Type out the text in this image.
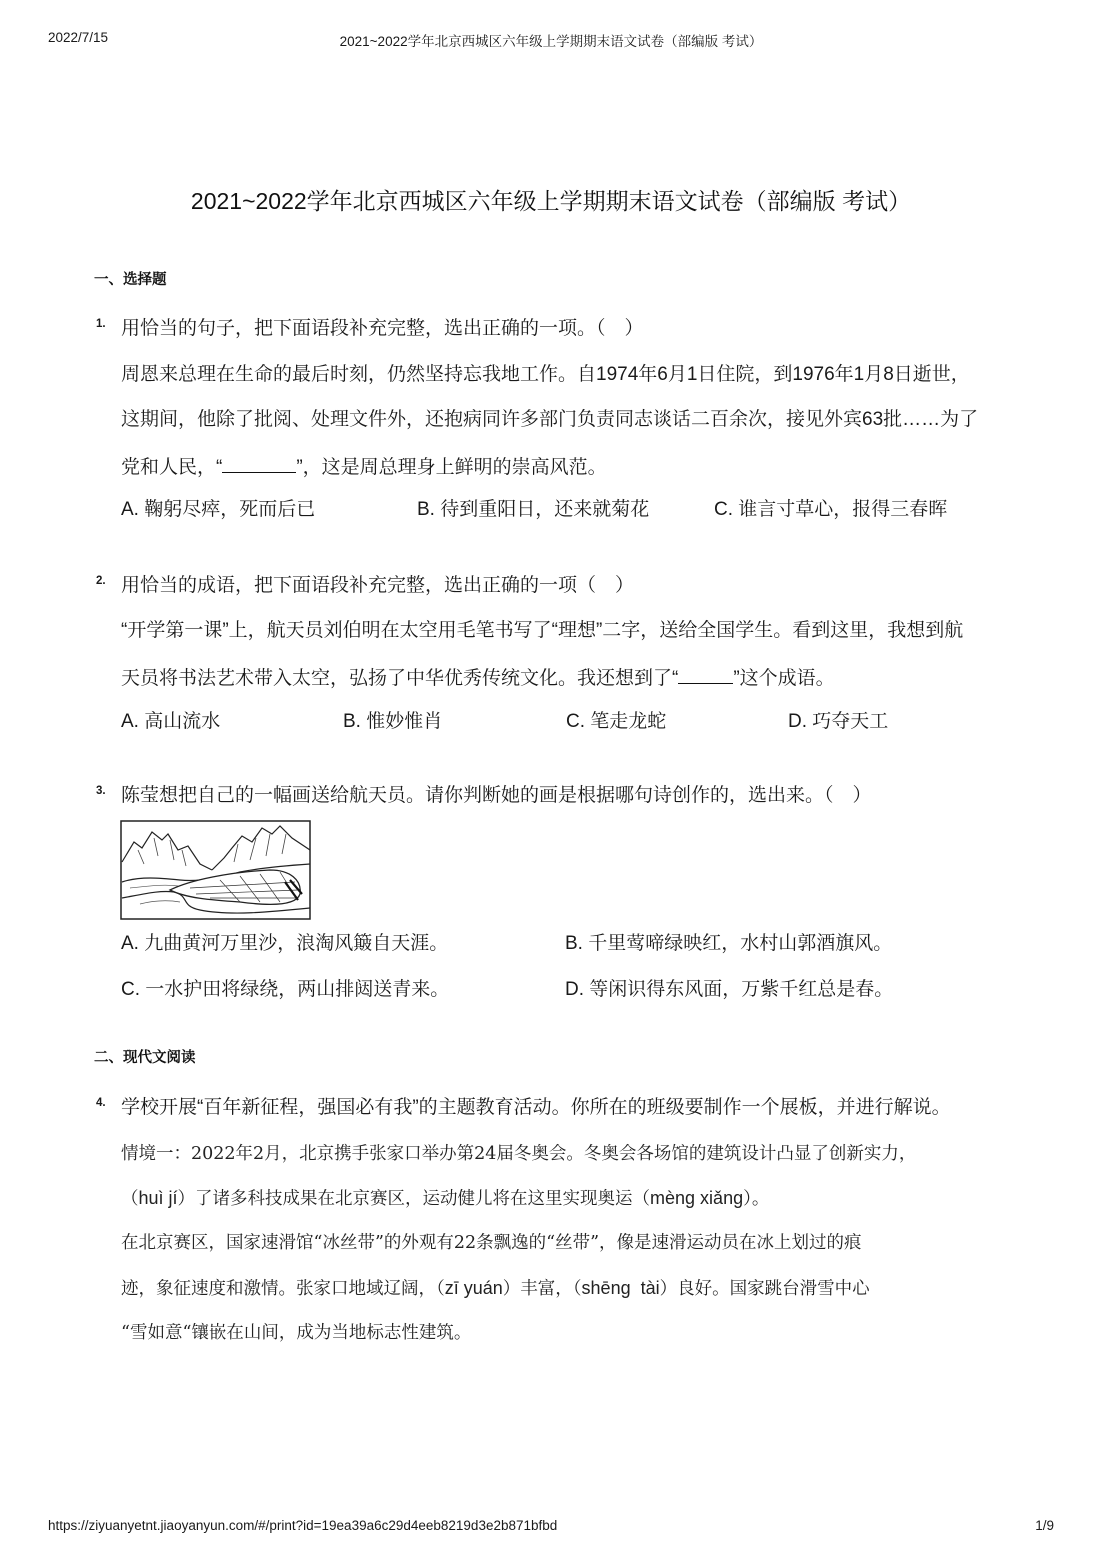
2022/7/15	2021~2022学年北京西城区六年级上学期期末语文试卷（部编版 考试）
2021~2022学年北京西城区六年级上学期期末语文试卷（部编版 考试）
一、选择题
1. 用恰当的句子，把下面语段补充完整，选出正确的一项。（　）
周恩来总理在生命的最后时刻，仍然坚持忘我地工作。自1974年6月1日住院，到1976年1月8日逝世，
这期间，他除了批阅、处理文件外，还抱病同许多部门负责同志谈话二百余次，接见外宾63批……为了
党和人民，“	”，这是周总理身上鲜明的崇高风范。
A. 鞠躬尽瘁，死而后已	B. 待到重阳日，还来就菊花	C. 谁言寸草心，报得三春晖
2. 用恰当的成语，把下面语段补充完整，选出正确的一项（　）
“开学第一课”上，航天员刘伯明在太空用毛笔书写了“理想”二字，送给全国学生。看到这里，我想到航
天员将书法艺术带入太空，弘扬了中华优秀传统文化。我还想到了“	”这个成语。
A. 高山流水	B. 惟妙惟肖	C. 笔走龙蛇	D. 巧夺天工
3. 陈莹想把自己的一幅画送给航天员。请你判断她的画是根据哪句诗创作的，选出来。（　）
A. 九曲黄河万里沙，浪淘风簸自天涯。	B. 千里莺啼绿映红，水村山郭酒旗风。
C. 一水护田将绿绕，两山排闼送青来。	D. 等闲识得东风面，万紫千红总是春。
二、现代文阅读
4. 学校开展“百年新征程，强国必有我”的主题教育活动。你所在的班级要制作一个展板，并进行解说。
情境一：2022年2月，北京携手张家口举办第24届冬奥会。冬奥会各场馆的建筑设计凸显了创新实力，
（huì jí）了诸多科技成果在北京赛区，运动健儿将在这里实现奥运（mèng xiǎng）。
在北京赛区，国家速滑馆“冰丝带”的外观有22条飘逸的“丝带”，像是速滑运动员在冰上划过的痕
迹，象征速度和激情。张家口地域辽阔，（zī yuán）丰富，（shēng  tài）良好。国家跳台滑雪中心
“雪如意“镶嵌在山间，成为当地标志性建筑。
https://ziyuanyetnt.jiaoyanyun.com/#/print?id=19ea39a6c29d4eeb8219d3e2b871bfbd	1/9
